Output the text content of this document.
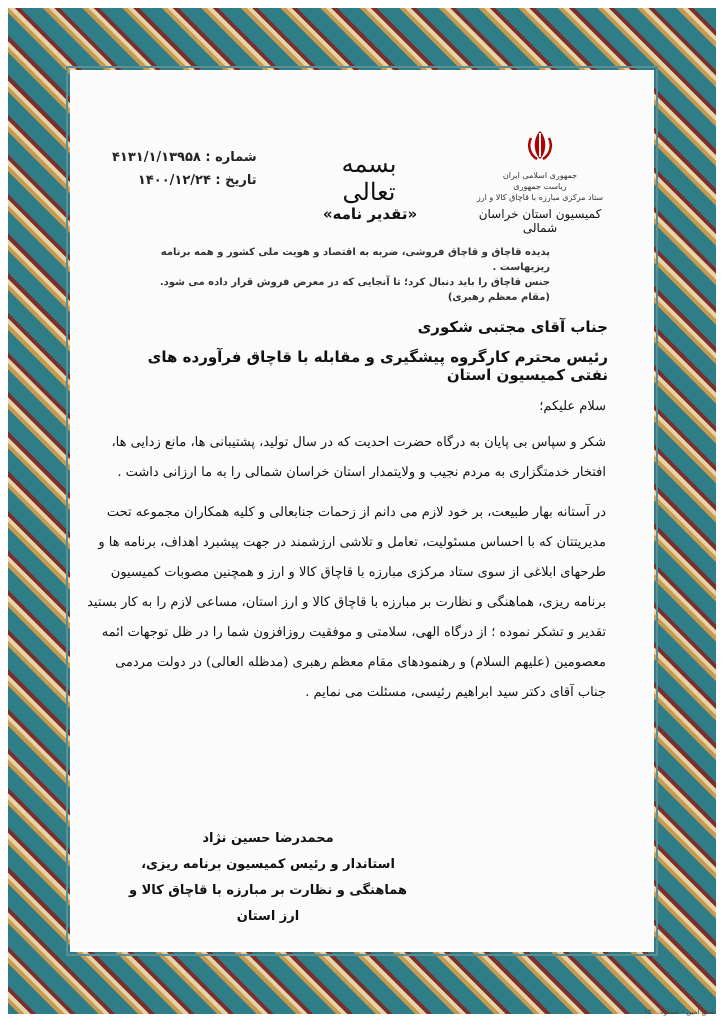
شماره : ۴۱۳۱/۱/۱۳۹۵۸
تاریخ : ۱۴۰۰/۱۲/۲۴
بسمه تعالی
«تقدیر نامه»
جمهوری اسلامی ایران
ریاست جمهوری
ستاد مرکزی مبارزه با قاچاق کالا و ارز
کمیسیون استان خراسان شمالی
پدیده قاچاق و قاچاق فروشی، ضربه به اقتصاد و هویت ملی کشور و همه برنامه ریزیهاست .
جنس قاچاق را باید دنبال کرد؛ تا آنجایی که در معرض فروش قرار داده می شود. (مقام معظم رهبری)
جناب آقای مجتبی شکوری
رئیس محترم کارگروه پیشگیری و مقابله با قاچاق فرآورده های نفتی کمیسیون استان

سلام علیکم؛

شکر و سپاس بی پایان به درگاه حضرت احدیت که در سال تولید، پشتیبانی ها، مانع زدایی ها، افتخار خدمتگزاری به مردم نجیب و ولایتمدار استان خراسان شمالی را به ما ارزانی داشت .

در آستانه بهار طبیعت، بر خود لازم می دانم از زحمات جنابعالی و کلیه همکاران مجموعه تحت مدیریتتان که با احساس مسئولیت، تعامل و تلاشی ارزشمند در جهت پیشبرد اهداف، برنامه ها و طرحهای ابلاغی از سوی ستاد مرکزی مبارزه با قاچاق کالا و ارز و همچنین مصوبات کمیسیون برنامه ریزی، هماهنگی و نظارت بر مبارزه با قاچاق کالا و ارز استان، مساعی لازم را به کار بستید تقدیر و تشکر نموده ؛ از درگاه الهی، سلامتی و موفقیت روزافزون شما را در ظل توجهات ائمه معصومین (علیهم السلام) و رهنمودهای مقام معظم رهبری (مدظله العالی) در دولت مردمی جناب آقای دکتر سید ابراهیم رئیسی، مسئلت می نمایم .

محمدرضا حسین نژاد
استاندار و رئیس کمیسیون برنامه ریزی،
هماهنگی و نظارت بر مبارزه با قاچاق کالا و ارز استان
نقش امین - شماره: ۱۲۰
